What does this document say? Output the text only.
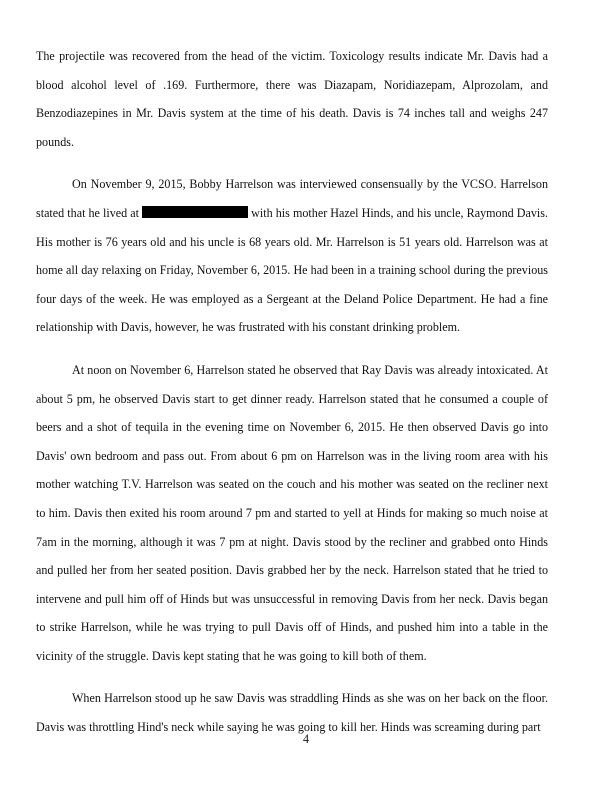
The projectile was recovered from the head of the victim. Toxicology results indicate Mr. Davis had a blood alcohol level of .169. Furthermore, there was Diazapam, Noridiazepam, Alprozolam, and Benzodiazepines in Mr. Davis system at the time of his death. Davis is 74 inches tall and weighs 247 pounds.

On November 9, 2015, Bobby Harrelson was interviewed consensually by the VCSO. Harrelson stated that he lived at	with his mother Hazel Hinds, and his uncle, Raymond Davis. His mother is 76 years old and his uncle is 68 years old. Mr. Harrelson is 51 years old. Harrelson was at home all day relaxing on Friday, November 6, 2015. He had been in a training school during the previous four days of the week. He was employed as a Sergeant at the Deland Police Department. He had a fine relationship with Davis, however, he was frustrated with his constant drinking problem.

At noon on November 6, Harrelson stated he observed that Ray Davis was already intoxicated. At about 5 pm, he observed Davis start to get dinner ready. Harrelson stated that he consumed a couple of beers and a shot of tequila in the evening time on November 6, 2015. He then observed Davis go into Davis' own bedroom and pass out. From about 6 pm on Harrelson was in the living room area with his mother watching T.V. Harrelson was seated on the couch and his mother was seated on the recliner next to him. Davis then exited his room around 7 pm and started to yell at Hinds for making so much noise at 7am in the morning, although it was 7 pm at night. Davis stood by the recliner and grabbed onto Hinds and pulled her from her seated position. Davis grabbed her by the neck. Harrelson stated that he tried to intervene and pull him off of Hinds but was unsuccessful in removing Davis from her neck. Davis began to strike Harrelson, while he was trying to pull Davis off of Hinds, and pushed him into a table in the vicinity of the struggle. Davis kept stating that he was going to kill both of them.

When Harrelson stood up he saw Davis was straddling Hinds as she was on her back on the floor. Davis was throttling Hind's neck while saying he was going to kill her. Hinds was screaming during part

4
